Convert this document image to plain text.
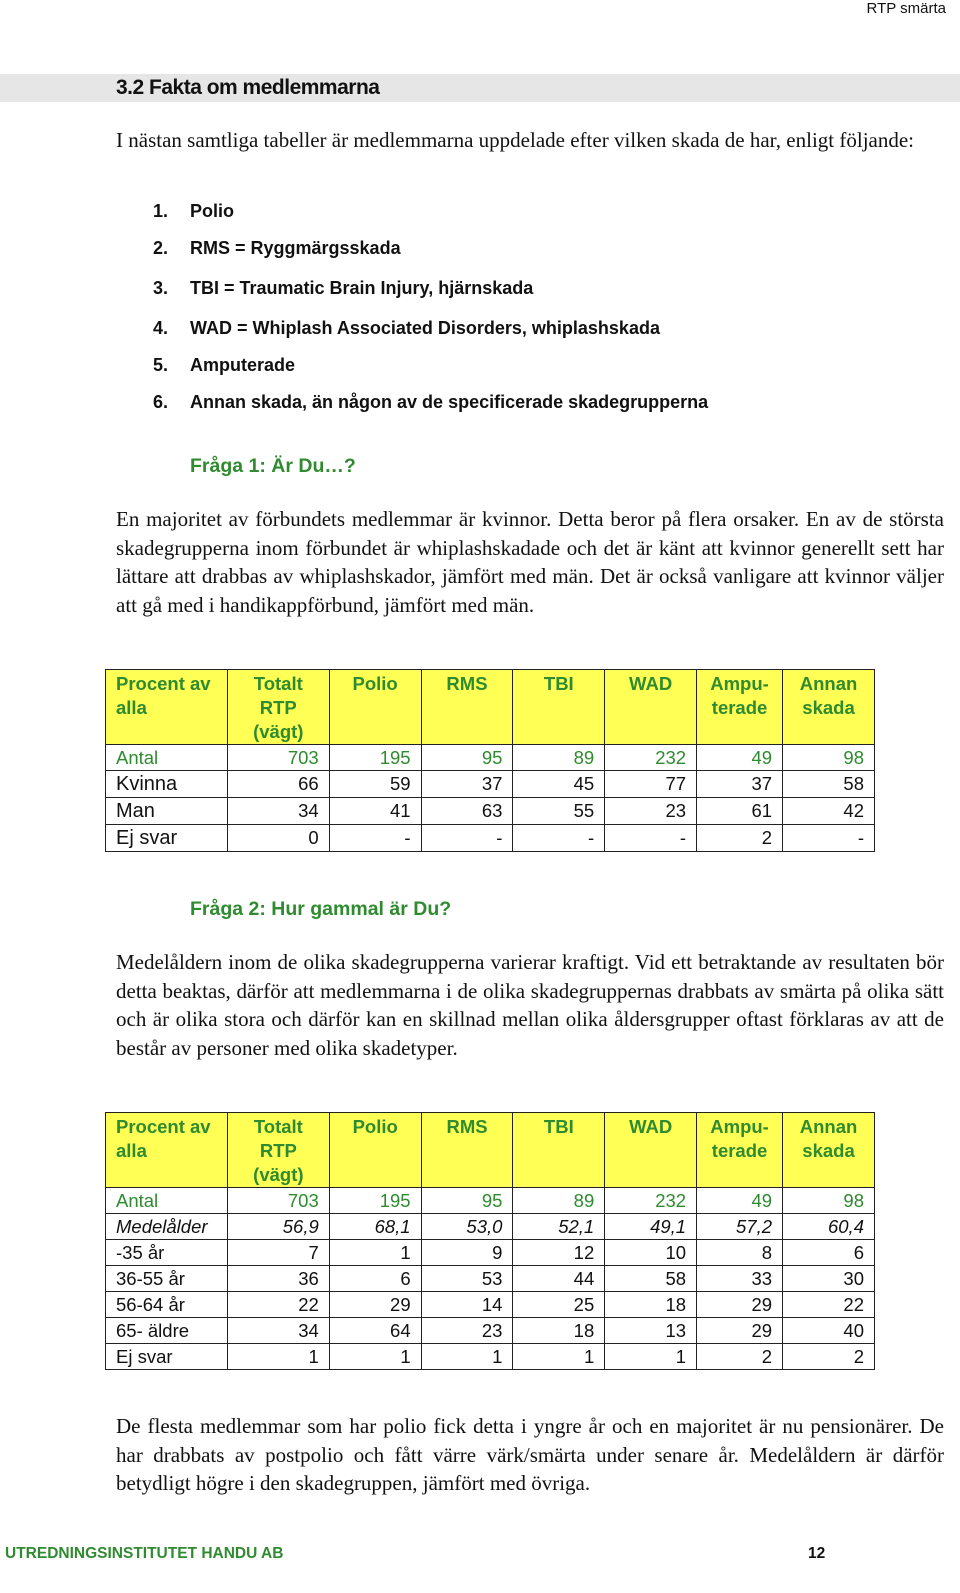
RTP smärta
3.2 Fakta om medlemmarna
I nästan samtliga tabeller är medlemmarna uppdelade efter vilken skada de har, enligt följande:
1. Polio
2. RMS = Ryggmärgsskada
3. TBI = Traumatic Brain Injury, hjärnskada
4. WAD = Whiplash Associated Disorders, whiplashskada
5. Amputerade
6. Annan skada, än någon av de specificerade skadegrupperna
Fråga 1: Är Du…?
En majoritet av förbundets medlemmar är kvinnor. Detta beror på flera orsaker. En av de största skadegrupperna inom förbundet är whiplashskadade och det är känt att kvinnor generellt sett har lättare att drabbas av whiplashskador, jämfört med män. Det är också vanligare att kvinnor väljer att gå med i handikappförbund, jämfört med män.
Procent av alla	Totalt RTP (vägt)	Polio	RMS	TBI	WAD	Ampu- terade	Annan skada
Antal	703	195	95	89	232	49	98
Kvinna	66	59	37	45	77	37	58
Man	34	41	63	55	23	61	42
Ej svar	0	-	-	-	-	2	-
Fråga 2: Hur gammal är Du?
Medelåldern inom de olika skadegrupperna varierar kraftigt. Vid ett betraktande av resultaten bör detta beaktas, därför att medlemmarna i de olika skadegruppernas drabbats av smärta på olika sätt och är olika stora och därför kan en skillnad mellan olika åldersgrupper oftast förklaras av att de består av personer med olika skadetyper.
Procent av alla	Totalt RTP (vägt)	Polio	RMS	TBI	WAD	Ampu- terade	Annan skada
Antal	703	195	95	89	232	49	98
Medelålder	56,9	68,1	53,0	52,1	49,1	57,2	60,4
-35 år	7	1	9	12	10	8	6
36-55 år	36	6	53	44	58	33	30
56-64 år	22	29	14	25	18	29	22
65- äldre	34	64	23	18	13	29	40
Ej svar	1	1	1	1	1	2	2
De flesta medlemmar som har polio fick detta i yngre år och en majoritet är nu pensionärer. De har drabbats av postpolio och fått värre värk/smärta under senare år. Medelåldern är därför betydligt högre i den skadegruppen, jämfört med övriga.
UTREDNINGSINSTITUTET HANDU AB	12
